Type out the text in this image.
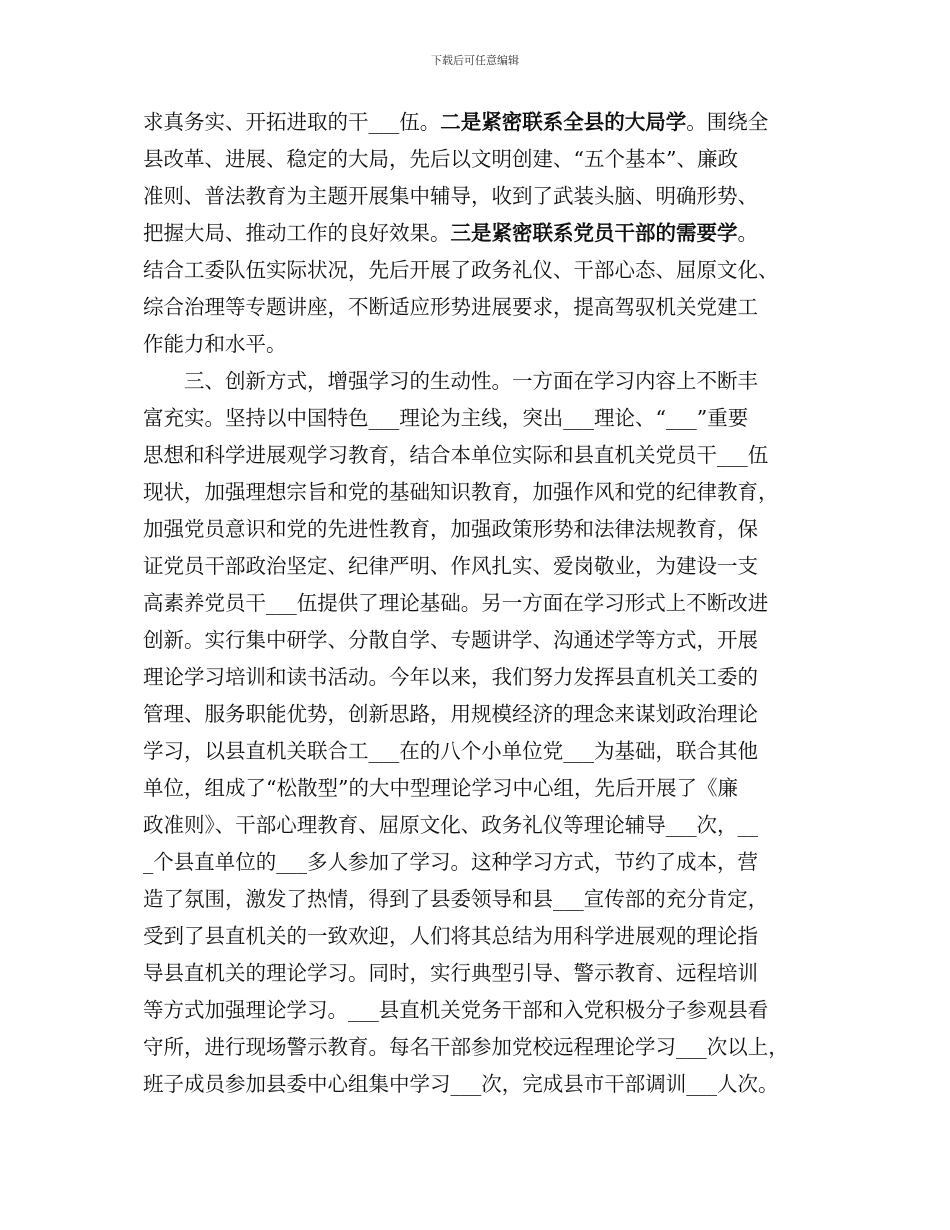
下载后可任意编辑
求真务实、开拓进取的干___伍。二是紧密联系全县的大局学。围绕全
县改革、进展、稳定的大局，先后以文明创建、“五个基本”、廉政
准则、普法教育为主题开展集中辅导，收到了武装头脑、明确形势、
把握大局、推动工作的良好效果。三是紧密联系党员干部的需要学。
结合工委队伍实际状况，先后开展了政务礼仪、干部心态、屈原文化、
综合治理等专题讲座，不断适应形势进展要求，提高驾驭机关党建工
作能力和水平。
三、创新方式，增强学习的生动性。一方面在学习内容上不断丰
富充实。坚持以中国特色___理论为主线，突出___理论、“___”重要
思想和科学进展观学习教育，结合本单位实际和县直机关党员干___伍
现状，加强理想宗旨和党的基础知识教育，加强作风和党的纪律教育，
加强党员意识和党的先进性教育，加强政策形势和法律法规教育，保
证党员干部政治坚定、纪律严明、作风扎实、爱岗敬业，为建设一支
高素养党员干___伍提供了理论基础。另一方面在学习形式上不断改进
创新。实行集中研学、分散自学、专题讲学、沟通述学等方式，开展
理论学习培训和读书活动。今年以来，我们努力发挥县直机关工委的
管理、服务职能优势，创新思路，用规模经济的理念来谋划政治理论
学习，以县直机关联合工___在的八个小单位党___为基础，联合其他
单位，组成了“松散型”的大中型理论学习中心组，先后开展了《廉
政准则》、干部心理教育、屈原文化、政务礼仪等理论辅导___次，__
_个县直单位的___多人参加了学习。这种学习方式，节约了成本，营
造了氛围，激发了热情，得到了县委领导和县___宣传部的充分肯定，
受到了县直机关的一致欢迎，人们将其总结为用科学进展观的理论指
导县直机关的理论学习。同时，实行典型引导、警示教育、远程培训
等方式加强理论学习。___县直机关党务干部和入党积极分子参观县看
守所，进行现场警示教育。每名干部参加党校远程理论学习___次以上，
班子成员参加县委中心组集中学习___次，完成县市干部调训___人次。
